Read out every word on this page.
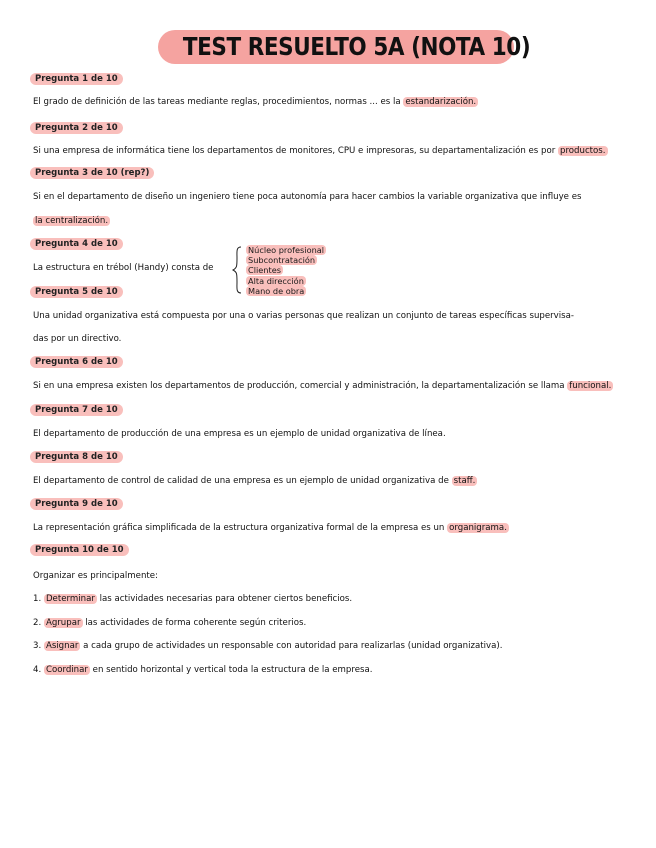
TEST RESUELTO 5A (NOTA 10)
Pregunta 1 de 10
El grado de definición de las tareas mediante reglas, procedimientos, normas ... es la estandarización.
Pregunta 2 de 10
Si una empresa de informática tiene los departamentos de monitores, CPU e impresoras, su departamentalización es por productos.
Pregunta 3 de 10 (rep?)
Si en el departamento de diseño un ingeniero tiene poca autonomía para hacer cambios la variable organizativa que influye es
la centralización.
Pregunta 4 de 10
La estructura en trébol (Handy) consta de
Núcleo profesional
Subcontratación
Clientes
Alta dirección
Mano de obra
Pregunta 5 de 10
Una unidad organizativa está compuesta por una o varias personas que realizan un conjunto de tareas específicas supervisa-
das por un directivo.
Pregunta 6 de 10
Si en una empresa existen los departamentos de producción, comercial y administración, la departamentalización se llama funcional.
Pregunta 7 de 10
El departamento de producción de una empresa es un ejemplo de unidad organizativa de línea.
Pregunta 8 de 10
El departamento de control de calidad de una empresa es un ejemplo de unidad organizativa de staff.
Pregunta 9 de 10
La representación gráfica simplificada de la estructura organizativa formal de la empresa es un organigrama.
Pregunta 10 de 10
Organizar es principalmente:
1. Determinar las actividades necesarias para obtener ciertos beneficios.
2. Agrupar las actividades de forma coherente según criterios.
3. Asignar a cada grupo de actividades un responsable con autoridad para realizarlas (unidad organizativa).
4. Coordinar en sentido horizontal y vertical toda la estructura de la empresa.
